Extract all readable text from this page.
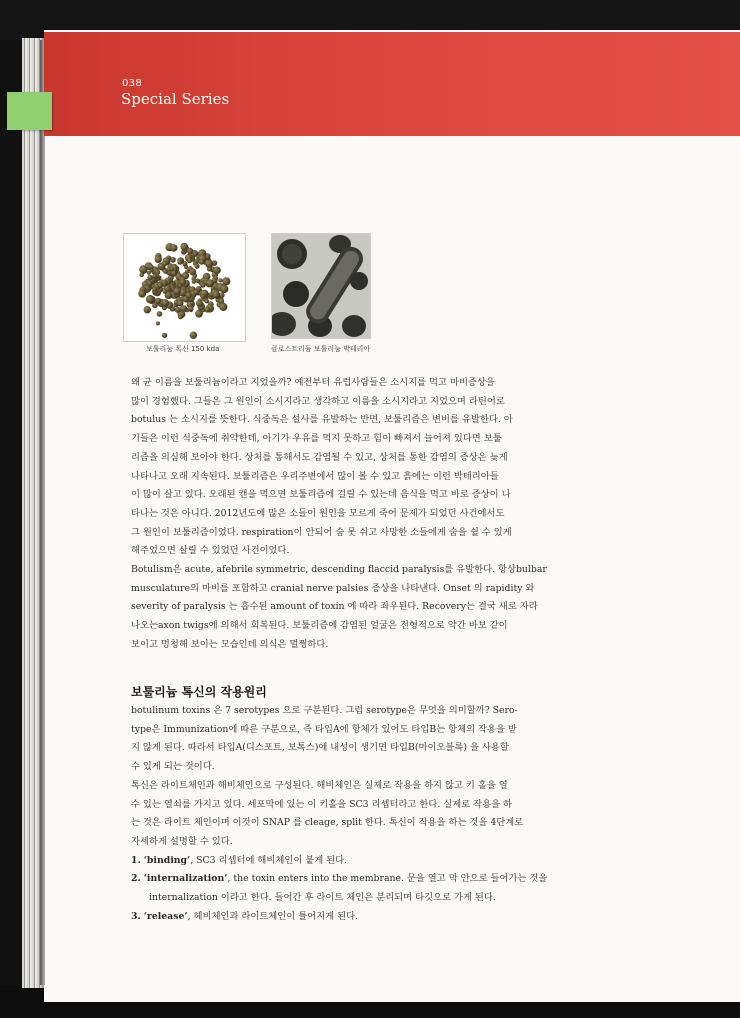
038
Special Series
보툴리눔 톡신 150 kda	클로스트리듐 보툴리눔 박테리아
왜 균 이름을 보툴리늄이라고 지었을까? 예전부터 유럽사람들은 소시지를 먹고 마비증상을
많이 경험했다. 그들은 그 원인이 소시지라고 생각하고 이름을 소시지라고 지었으며 라틴어로
botulus 는 소시지를 뜻한다. 식중독은 설사를 유발하는 반면, 보툴리즘은 변비를 유발한다. 아
기들은 이런 식중독에 취약한데, 아기가 우유를 먹지 못하고 힘이 빠져서 늘어져 있다면 보툴
리즘을 의심해 보아야 한다. 상처를 통해서도 감염될 수 있고, 상처를 통한 감염의 증상은 늦게
나타나고 오래 지속된다. 보툴리즘은 우리주변에서 많이 볼 수 있고 흙에는 이런 박테리아들
이 많이 살고 있다. 오래된 캔을 먹으면 보툴리즘에 걸릴 수 있는데 음식을 먹고 바로 증상이 나
타나는 것은 아니다. 2012년도에 많은 소들이 원인을 모르게 죽어 문제가 되었던 사건에서도
그 원인이 보툴리즘이었다. respiration이 안되어 숨 못 쉬고 사망한 소들에게 숨을 쉴 수 있게
해주었으면 살릴 수 있었던 사건이었다.
Botulism은 acute, afebrile symmetric, descending flaccid paralysis를 유발한다. 항상bulbar
musculature의 마비를 포함하고 cranial nerve palsies 증상을 나타낸다. Onset 의 rapidity 와
severity of paralysis 는 흡수된 amount of toxin 에 따라 좌우된다. Recovery는 결국 새로 자라
나오는axon twigs에 의해서 회복된다. 보툴리즘에 감염된 얼굴은 전형적으로 약간 바보 같이
보이고 멍청해 보이는 모습인데 의식은 멀쩡하다.
보툴리늄 톡신의 작용원리
botulinum toxins 은 7 serotypes 으로 구분된다. 그럼 serotype은 무엇을 의미할까? Sero-
type은 Immunization에 따른 구분으로, 즉 타입A에 항체가 있어도 타입B는 항체의 작용을 받
지 않게 된다. 따라서 타입A(디스포트, 보톡스)에 내성이 생기면 타입B(마이오블록) 을 사용할
수 있게 되는 것이다.
톡신은 라이트체인과 해비체인으로 구성된다. 해비체인은 실제로 작용을 하지 않고 키 홀을 열
수 있는 열쇠를 가지고 있다. 세포막에 있는 이 키홀을 SC3 리셉터라고 한다. 실제로 작용을 하
는 것은 라이트 체인이며 이것이 SNAP 를 cleage, split 한다. 톡신이 작용을 하는 것을 4단계로
자세하게 설명할 수 있다.
1. ‘binding’, SC3 리셉터에 해비체인이 붙게 된다.
2. ‘internalization’, the toxin enters into the membrane. 문을 열고 막 안으로 들어가는 것을
internalization 이라고 한다. 들어간 후 라이트 체인은 분리되며 타깃으로 가게 된다.
3. ‘release’, 헤비체인과 라이트체인이 틀어지게 된다.
